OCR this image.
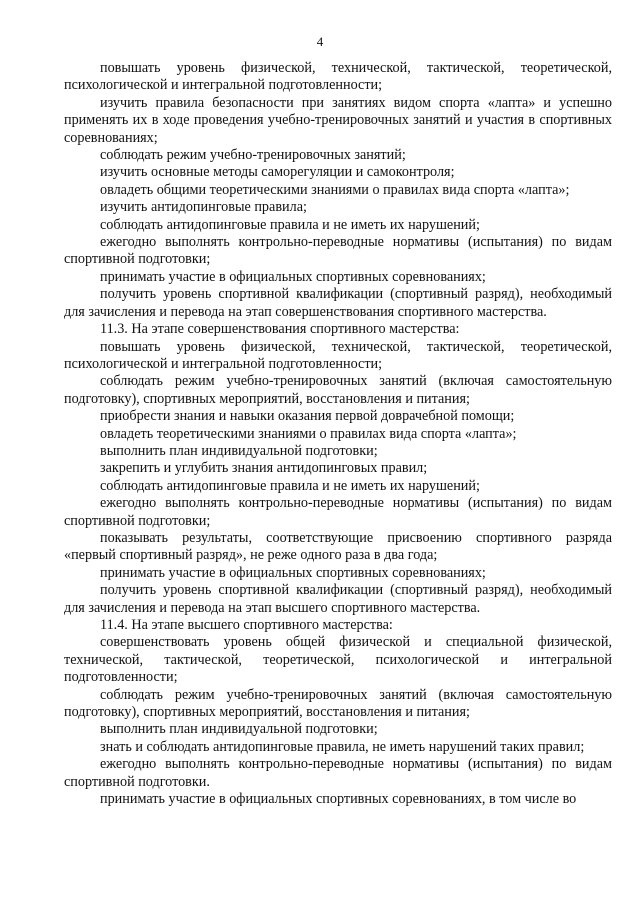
4

повышать уровень физической, технической, тактической, теоретической, психологической и интегральной подготовленности;

изучить правила безопасности при занятиях видом спорта «лапта» и успешно применять их в ходе проведения учебно-тренировочных занятий и участия в спортивных соревнованиях;

соблюдать режим учебно-тренировочных занятий;

изучить основные методы саморегуляции и самоконтроля;

овладеть общими теоретическими знаниями о правилах вида спорта «лапта»;

изучить антидопинговые правила;

соблюдать антидопинговые правила и не иметь их нарушений;

ежегодно выполнять контрольно-переводные нормативы (испытания) по видам спортивной подготовки;

принимать участие в официальных спортивных соревнованиях;

получить уровень спортивной квалификации (спортивный разряд), необходимый для зачисления и перевода на этап совершенствования спортивного мастерства.

11.3. На этапе совершенствования спортивного мастерства:

повышать уровень физической, технической, тактической, теоретической, психологической и интегральной подготовленности;

соблюдать режим учебно-тренировочных занятий (включая самостоятельную подготовку), спортивных мероприятий, восстановления и питания;

приобрести знания и навыки оказания первой доврачебной помощи;

овладеть теоретическими знаниями о правилах вида спорта «лапта»;

выполнить план индивидуальной подготовки;

закрепить и углубить знания антидопинговых правил;

соблюдать антидопинговые правила и не иметь их нарушений;

ежегодно выполнять контрольно-переводные нормативы (испытания) по видам спортивной подготовки;

показывать результаты, соответствующие присвоению спортивного разряда «первый спортивный разряд», не реже одного раза в два года;

принимать участие в официальных спортивных соревнованиях;

получить уровень спортивной квалификации (спортивный разряд), необходимый для зачисления и перевода на этап высшего спортивного мастерства.

11.4. На этапе высшего спортивного мастерства:

совершенствовать уровень общей физической и специальной физической, технической, тактической, теоретической, психологической и интегральной подготовленности;

соблюдать режим учебно-тренировочных занятий (включая самостоятельную подготовку), спортивных мероприятий, восстановления и питания;

выполнить план индивидуальной подготовки;

знать и соблюдать антидопинговые правила, не иметь нарушений таких правил;

ежегодно выполнять контрольно-переводные нормативы (испытания) по видам спортивной подготовки.

принимать участие в официальных спортивных соревнованиях, в том числе во
